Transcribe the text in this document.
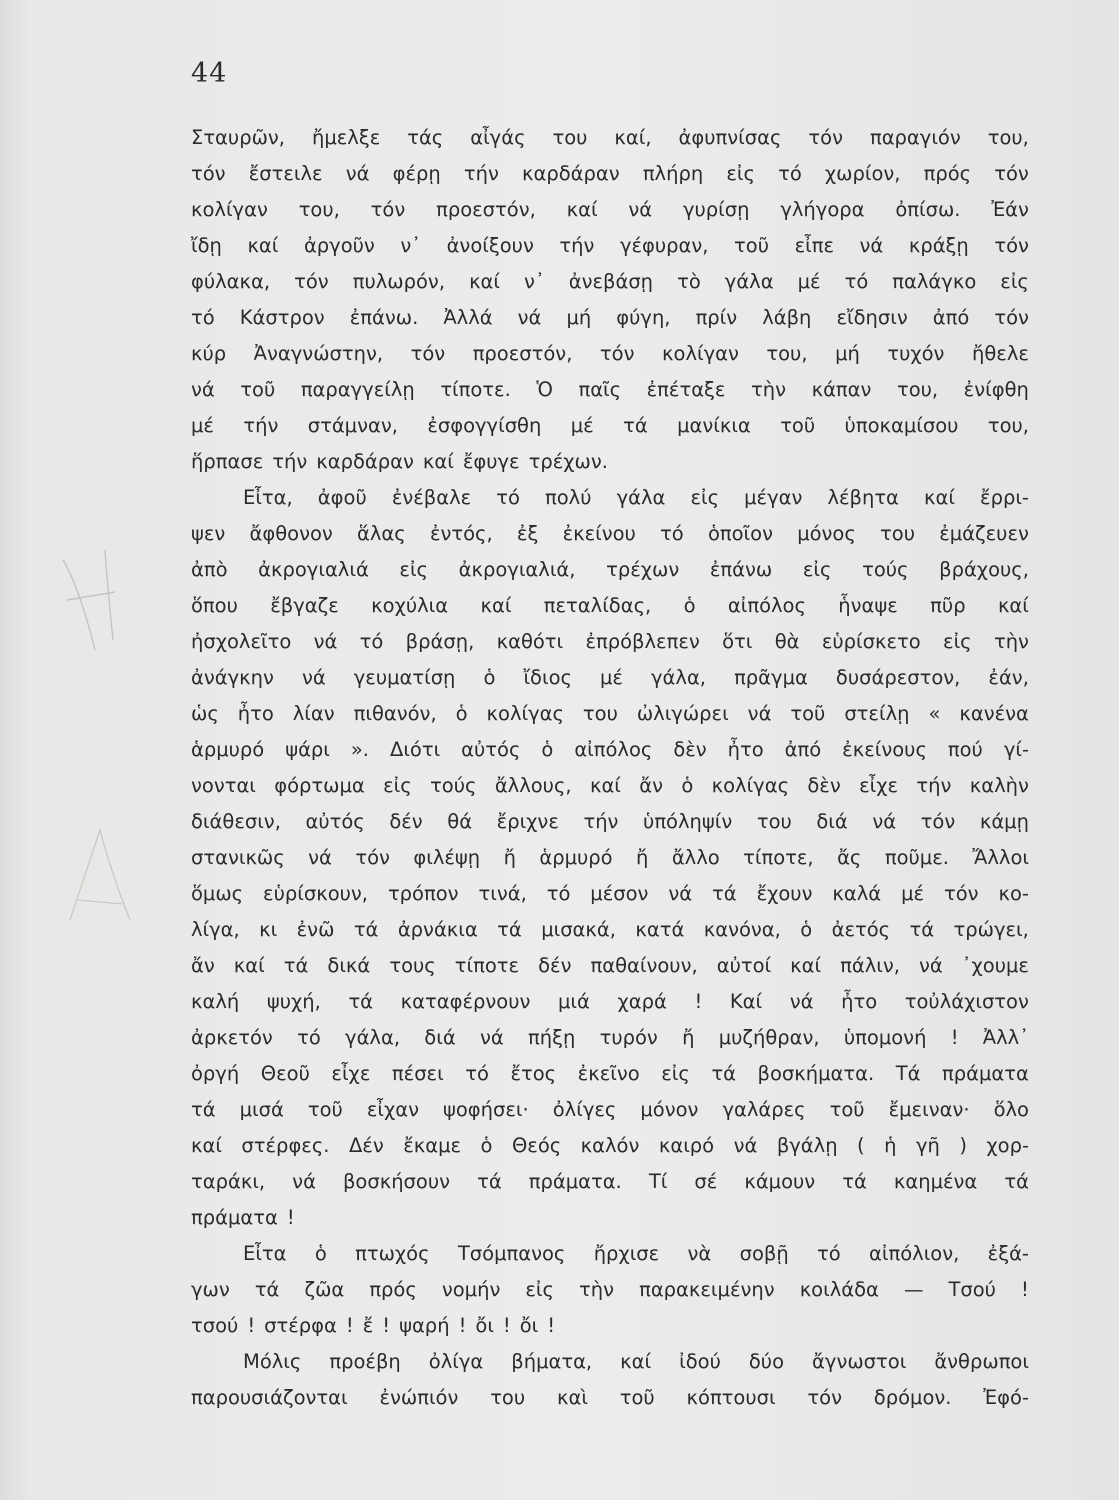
44
Σταυρῶν, ἤμελξε τάς αἶγάς του καί, ἀφυπνίσας τόν παραγιόν του,
τόν ἔστειλε νά φέρῃ τήν καρδάραν πλήρη εἰς τό χωρίον, πρός τόν
κολίγαν του, τόν προεστόν, καί νά γυρίσῃ γλήγορα ὀπίσω. Ἐάν
ἴδῃ καί ἀργοῦν ν᾿ ἀνοίξουν τήν γέφυραν, τοῦ εἶπε νά κράξῃ τόν
φύλακα, τόν πυλωρόν, καί ν᾿ ἀνεβάσῃ τὸ γάλα μέ τό παλάγκο εἰς
τό Κάστρον ἐπάνω. Ἀλλά νά μή φύγη, πρίν λάβη εἴδησιν ἀπό τόν
κύρ Ἀναγνώστην, τόν προεστόν, τόν κολίγαν του, μή τυχόν ἤθελε
νά τοῦ παραγγείλῃ τίποτε. Ὁ παῖς ἐπέταξε τὴν κάπαν του, ἐνίφθη
μέ τήν στάμναν, ἐσφογγίσθη μέ τά μανίκια τοῦ ὑποκαμίσου του,
ἥρπασε τήν καρδάραν καί ἔφυγε τρέχων.
Εἶτα, ἀφοῦ ἐνέβαλε τό πολύ γάλα εἰς μέγαν λέβητα καί ἔρρι-
ψεν ἄφθονον ἅλας ἐντός, ἐξ ἐκείνου τό ὁποῖον μόνος του ἐμάζευεν
ἀπὸ ἀκρογιαλιά εἰς ἀκρογιαλιά, τρέχων ἐπάνω εἰς τούς βράχους,
ὅπου ἔβγαζε κοχύλια καί πεταλίδας, ὁ αἰπόλος ἧναψε πῦρ καί
ἠσχολεῖτο νά τό βράσῃ, καθότι ἐπρόβλεπεν ὅτι θὰ εὑρίσκετο εἰς τὴν
ἀνάγκην νά γευματίσῃ ὁ ἴδιος μέ γάλα, πρᾶγμα δυσάρεστον, ἐάν,
ὡς ἦτο λίαν πιθανόν, ὁ κολίγας του ὠλιγώρει νά τοῦ στείλῃ « κανένα
ἁρμυρό ψάρι ». Διότι αὐτός ὁ αἰπόλος δὲν ἦτο ἀπό ἐκείνους πού γί-
νονται φόρτωμα εἰς τούς ἄλλους, καί ἄν ὁ κολίγας δὲν εἶχε τήν καλὴν
διάθεσιν, αὐτός δέν θά ἔριχνε τήν ὑπόληψίν του διά νά τόν κάμῃ
στανικῶς νά τόν φιλέψῃ ἤ ἁρμυρό ἤ ἄλλο τίποτε, ἄς ποῦμε. Ἄλλοι
ὅμως εὑρίσκουν, τρόπον τινά, τό μέσον νά τά ἔχουν καλά μέ τόν κο-
λίγα, κι ἐνῶ τά ἀρνάκια τά μισακά, κατά κανόνα, ὁ ἀετός τά τρώγει,
ἄν καί τά δικά τους τίποτε δέν παθαίνουν, αὐτοί καί πάλιν, νά ᾿χουμε
καλή ψυχή, τά καταφέρνουν μιά χαρά ! Καί νά ἦτο τοὐλάχιστον
ἀρκετόν τό γάλα, διά νά πήξῃ τυρόν ἤ μυζήθραν, ὑπομονή ! Ἀλλ᾿
ὀργή Θεοῦ εἶχε πέσει τό ἔτος ἐκεῖνο εἰς τά βοσκήματα. Τά πράματα
τά μισά τοῦ εἶχαν ψοφήσει· ὀλίγες μόνον γαλάρες τοῦ ἔμειναν· ὅλο
καί στέρφες. Δέν ἔκαμε ὁ Θεός καλόν καιρό νά βγάλῃ ( ἡ γῆ ) χορ-
ταράκι, νά βοσκήσουν τά πράματα. Τί σέ κάμουν τά καημένα τά
πράματα !
Εἶτα ὁ πτωχός Τσόμπανος ἤρχισε νὰ σοβῇ τό αἰπόλιον, ἐξά-
γων τά ζῶα πρός νομήν εἰς τὴν παρακειμένην κοιλάδα — Τσού !
τσού ! στέρφα ! ἔ ! ψαρή ! ὄι ! ὄι !
Μόλις προέβη ὀλίγα βήματα, καί ἰδού δύο ἄγνωστοι ἄνθρωποι
παρουσιάζονται ἐνώπιόν του καὶ τοῦ κόπτουσι τόν δρόμον. Ἐφό-
